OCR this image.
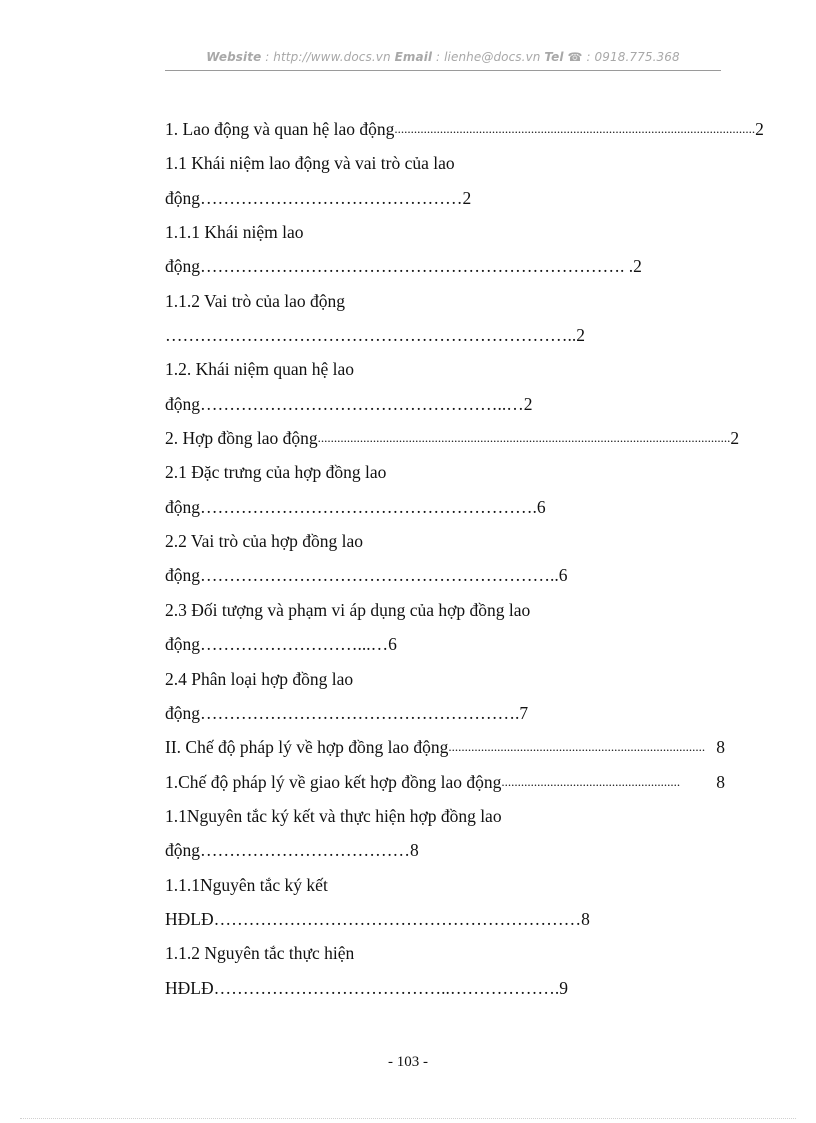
Website : http://www.docs.vn Email : lienhe@docs.vn Tel ☎ : 0918.775.368
1. Lao động và quan hệ lao động ............................................................................................................... 2
1.1 Khái niệm lao động và vai trò của lao
động………………………………………2
1.1.1 Khái niệm lao
động………………………………………………………………. .2
1.1.2 Vai trò của lao động
……………………………………………………………..2
1.2. Khái niệm quan hệ lao
động……………………………………………..…2
2. Hợp đồng lao động ............................................................................................................................... 2
2.1 Đặc trưng của hợp đồng lao
động………………………………………………….6
2.2 Vai trò của hợp đồng lao
động……………………………………………………..6
2.3 Đối tượng và phạm vi áp dụng của hợp đồng lao
động………………………...…6
2.4 Phân loại hợp đồng lao
động……………………………………………….7
II. Chế độ pháp lý về hợp đồng lao động ............................................................................... 8
1.Chế độ pháp lý về giao kết hợp đồng lao động .......................................................	8
1.1Nguyên tắc ký kết và thực hiện hợp đồng lao
động………………………………8
1.1.1Nguyên tắc ký kết
HĐLĐ………………………………………………………8
1.1.2 Nguyên tắc thực hiện
HĐLĐ…………………………………..……………….9
- 103 -
